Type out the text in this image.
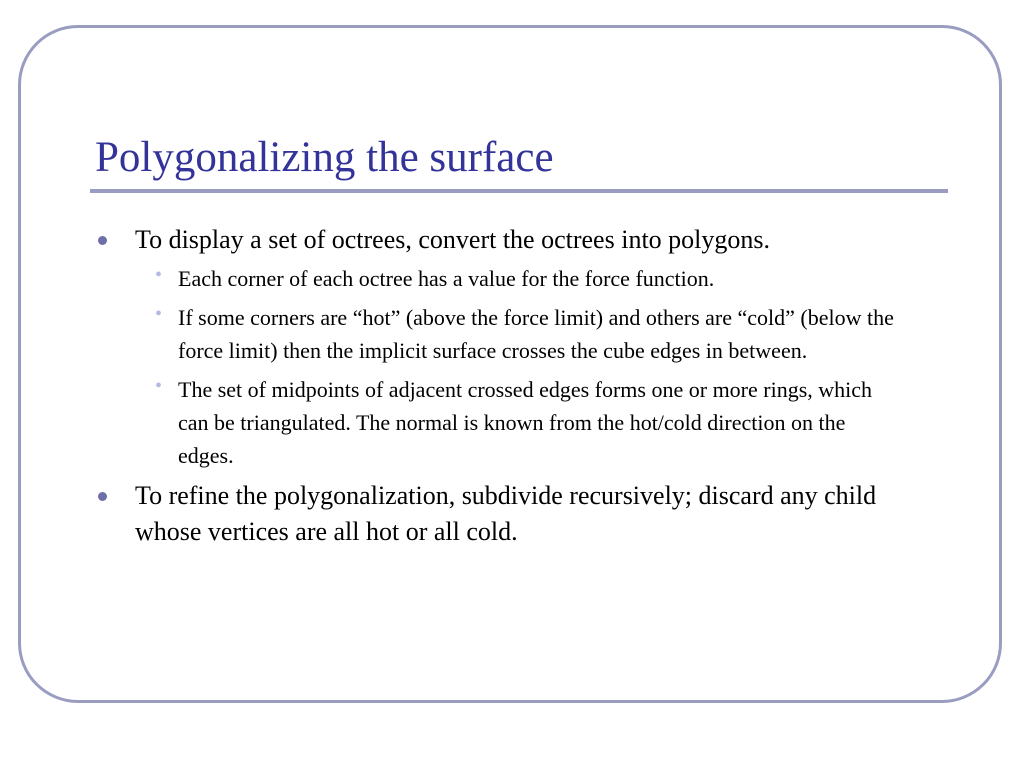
Polygonalizing the surface
To display a set of octrees, convert the octrees into polygons.
• Each corner of each octree has a value for the force function.
• If some corners are “hot” (above the force limit) and others are “cold” (below the force limit) then the implicit surface crosses the cube edges in between.
• The set of midpoints of adjacent crossed edges forms one or more rings, which can be triangulated. The normal is known from the hot/cold direction on the edges.
To refine the polygonalization, subdivide recursively; discard any child whose vertices are all hot or all cold.
